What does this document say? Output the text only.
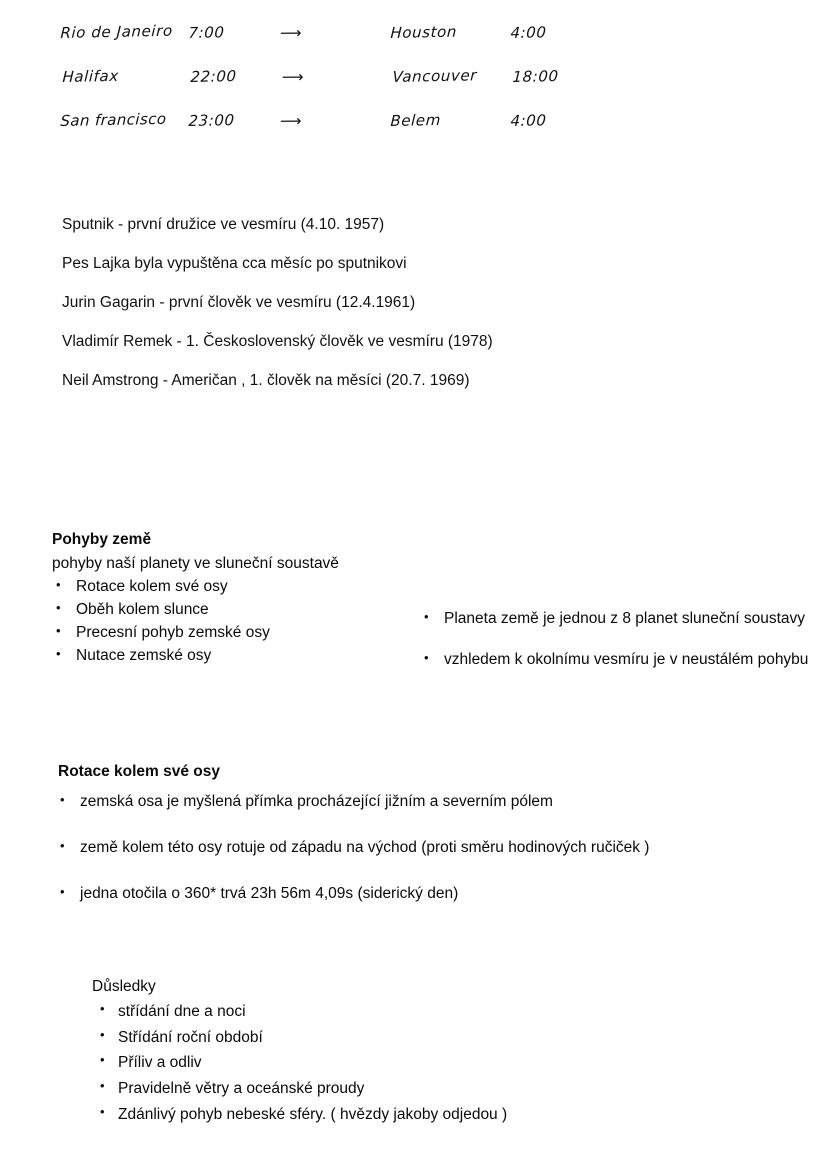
Rio de Janeiro 7:00	⟶	Houston	4:00
Halifax	22:00	⟶	Vancouver	18:00
San francisco	23:00	⟶	Belem	4:00
Sputnik - první družice ve vesmíru (4.10. 1957)
Pes Lajka byla vypuštěna cca měsíc po sputnikovi
Jurin Gagarin - první člověk ve vesmíru (12.4.1961)
Vladimír Remek - 1. Československý člověk ve vesmíru (1978)
Neil Amstrong - Američan , 1. člověk na měsíci (20.7. 1969)
Pohyby země
pohyby naší planety ve sluneční soustavě
• Rotace kolem své osy
• Oběh kolem slunce
• Precesní pohyb zemské osy
• Nutace zemské osy
• Planeta země je jednou z 8 planet sluneční soustavy
• vzhledem k okolnímu vesmíru je v neustálém pohybu
Rotace kolem své osy
• zemská osa je myšlená přímka procházející jižním a severním pólem
• země kolem této osy rotuje od západu na východ (proti směru hodinových ručiček )
• jedna otočila o 360* trvá 23h 56m 4,09s (siderický den)
Důsledky
• střídání dne a noci
• Střídání roční období
• Příliv a odliv
• Pravidelně větry a oceánské proudy
• Zdánlivý pohyb nebeské sféry. ( hvězdy jakoby odjedou )
